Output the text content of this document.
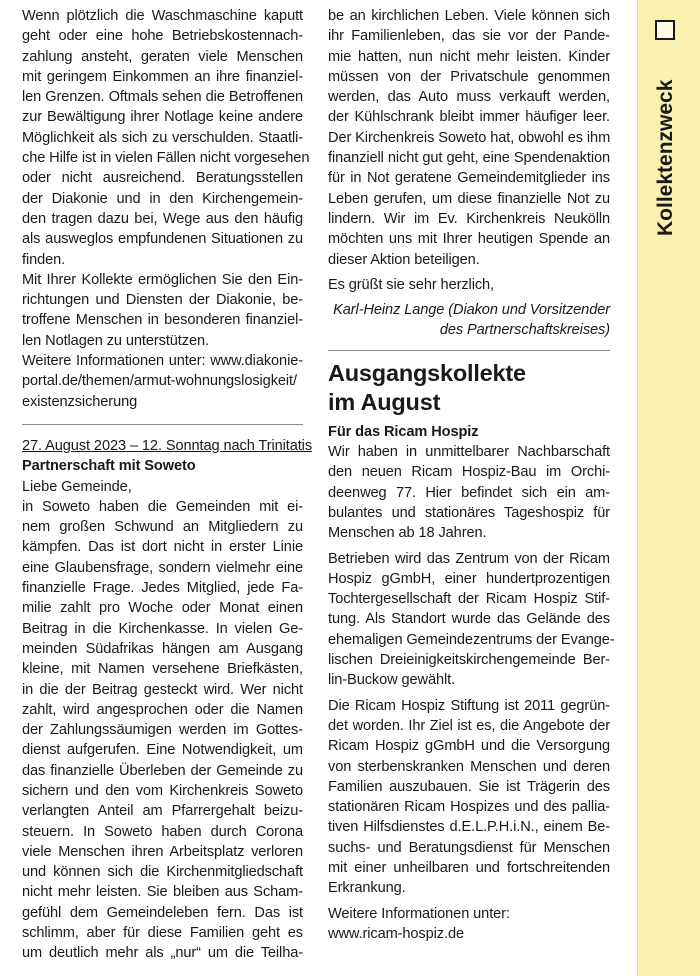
Wenn plötzlich die Waschmaschine kaputt

geht oder eine hohe Betriebskostennach-

zahlung ansteht, geraten viele Menschen

mit geringem Einkommen an ihre finanziel-

len Grenzen. Oftmals sehen die Betroffenen

zur Bewältigung ihrer Notlage keine andere

Möglichkeit als sich zu verschulden. Staatli-

che Hilfe ist in vielen Fällen nicht vorgesehen

oder nicht ausreichend. Beratungsstellen

der Diakonie und in den Kirchengemein-

den tragen dazu bei, Wege aus den häufig

als ausweglos empfundenen Situationen zu

finden.

Mit Ihrer Kollekte ermöglichen Sie den Ein-

richtungen und Diensten der Diakonie, be-

troffene Menschen in besonderen finanziel-

len Notlagen zu unterstützen.

Weitere Informationen unter: www.diakonie-

portal.de/themen/armut-wohnungslosigkeit/

existenzsicherung

27. August 2023 – 12. Sonntag nach Trinitatis

Partnerschaft mit Soweto

Liebe Gemeinde,

in Soweto haben die Gemeinden mit ei-

nem großen Schwund an Mitgliedern zu

kämpfen. Das ist dort nicht in erster Linie

eine Glaubensfrage, sondern vielmehr eine

finanzielle Frage. Jedes Mitglied, jede Fa-

milie zahlt pro Woche oder Monat einen

Beitrag in die Kirchenkasse. In vielen Ge-

meinden Südafrikas hängen am Ausgang

kleine, mit Namen versehene Briefkästen,

in die der Beitrag gesteckt wird. Wer nicht

zahlt, wird angesprochen oder die Namen

der Zahlungssäumigen werden im Gottes-

dienst aufgerufen. Eine Notwendigkeit, um

das finanzielle Überleben der Gemeinde zu

sichern und den vom Kirchenkreis Soweto

verlangten Anteil am Pfarrergehalt beizu-

steuern. In Soweto haben durch Corona

viele Menschen ihren Arbeitsplatz verloren

und können sich die Kirchenmitgliedschaft

nicht mehr leisten. Sie bleiben aus Scham-

gefühl dem Gemeindeleben fern. Das ist

schlimm, aber für diese Familien geht es

um deutlich mehr als „nur“ um die Teilha-

be an kirchlichen Leben. Viele können sich

ihr Familienleben, das sie vor der Pande-

mie hatten, nun nicht mehr leisten. Kinder

müssen von der Privatschule genommen

werden, das Auto muss verkauft werden,

der Kühlschrank bleibt immer häufiger leer.

Der Kirchenkreis Soweto hat, obwohl es ihm

finanziell nicht gut geht, eine Spendenaktion

für in Not geratene Gemeindemitglieder ins

Leben gerufen, um diese finanzielle Not zu

lindern. Wir im Ev. Kirchenkreis Neukölln

möchten uns mit Ihrer heutigen Spende an

dieser Aktion beteiligen.

Es grüßt sie sehr herzlich,

Karl-Heinz Lange (Diakon und Vorsitzender

des Partnerschaftskreises)

Ausgangskollekte

im August

Für das Ricam Hospiz

Wir haben in unmittelbarer Nachbarschaft

den neuen Ricam Hospiz-Bau im Orchi-

deenweg 77. Hier befindet sich ein am-

bulantes und stationäres Tageshospiz für

Menschen ab 18 Jahren.

Betrieben wird das Zentrum von der Ricam

Hospiz gGmbH, einer hundertprozentigen

Tochtergesellschaft der Ricam Hospiz Stif-

tung. Als Standort wurde das Gelände des

ehemaligen Gemeindezentrums der Evange-

lischen Dreieinigkeitskirchengemeinde Ber-

lin-Buckow gewählt.

Die Ricam Hospiz Stiftung ist 2011 gegrün-

det worden. Ihr Ziel ist es, die Angebote der

Ricam Hospiz gGmbH und die Versorgung

von sterbenskranken Menschen und deren

Familien auszubauen. Sie ist Trägerin des

stationären Ricam Hospizes und des pallia-

tiven Hilfsdienstes d.E.L.P.H.i.N., einem Be-

suchs- und Beratungsdienst für Menschen

mit einer unheilbaren und fortschreitenden

Erkrankung.

Weitere Informationen unter:

www.ricam-hospiz.de

Kollektenzweck
